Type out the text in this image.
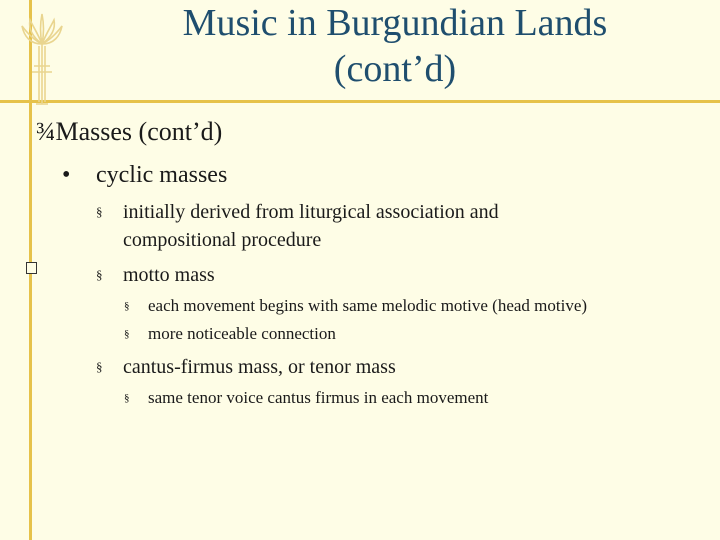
Music in Burgundian Lands
(cont’d)
¾Masses (cont’d)
• cyclic masses
§ initially derived from liturgical association and compositional procedure
§ motto mass
§ each movement begins with same melodic motive (head motive)
§ more noticeable connection
§ cantus-firmus mass, or tenor mass
§ same tenor voice cantus firmus in each movement
